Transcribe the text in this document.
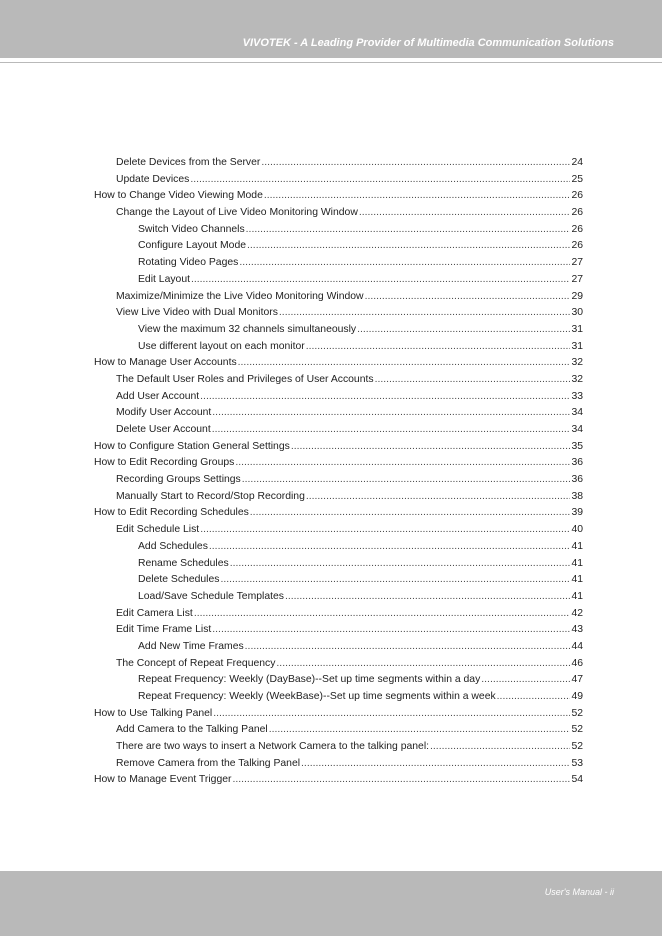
VIVOTEK - A Leading Provider of Multimedia Communication Solutions
Delete Devices from the Server .....	24
Update Devices .....	25
How to Change Video Viewing Mode .....	26
Change the Layout of Live Video Monitoring Window .....	26
Switch Video Channels .....	26
Configure Layout Mode .....	26
Rotating Video Pages .....	27
Edit Layout .....	27
Maximize/Minimize the Live Video Monitoring Window .....	29
View Live Video with Dual Monitors .....	30
View the maximum 32 channels simultaneously .....	31
Use different layout on each monitor .....	31
How to Manage User Accounts .....	32
The Default User Roles and Privileges of User Accounts .....	32
Add User Account .....	33
Modify User Account .....	34
Delete User Account .....	34
How to Configure Station General Settings .....	35
How to Edit Recording Groups .....	36
Recording Groups Settings .....	36
Manually Start to Record/Stop Recording .....	38
How to Edit Recording Schedules .....	39
Edit Schedule List .....	40
Add Schedules .....	41
Rename Schedules .....	41
Delete Schedules .....	41
Load/Save Schedule Templates .....	41
Edit Camera List .....	42
Edit Time Frame List .....	43
Add New Time Frames .....	44
The Concept of Repeat Frequency .....	46
Repeat Frequency: Weekly (DayBase)--Set up time segments within a day .....	47
Repeat Frequency: Weekly (WeekBase)--Set up time segments within a week .....	49
How to Use Talking Panel .....	52
Add Camera to the Talking Panel .....	52
There are two ways to insert a Network Camera to the talking panel: .....	52
Remove Camera from the Talking Panel .....	53
How to Manage Event Trigger .....	54
User's Manual - ii
